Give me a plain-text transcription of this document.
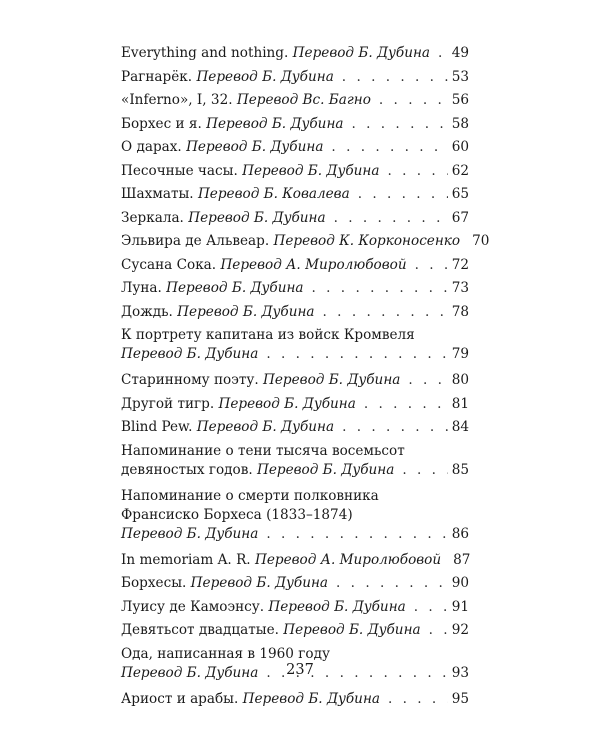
Everything and nothing. Перевод Б. Дубина . . . 49
Рагнарёк. Перевод Б. Дубина . . .	53
«Inferno», I, 32. Перевод Вс. Багно . . .	56
Борхес и я. Перевод Б. Дубина . . .	58
О дарах. Перевод Б. Дубина . . .	60
Песочные часы. Перевод Б. Дубина . . .	62
Шахматы. Перевод Б. Ковалева . . .	65
Зеркала. Перевод Б. Дубина . . .	67
Эльвира де Альвеар. Перевод К. Корконосенко 70
Сусана Сока. Перевод А. Миролюбовой . . .	72
Луна. Перевод Б. Дубина . . .	73
Дождь. Перевод Б. Дубина . . .	78
К портрету капитана из войск Кромвеля
Перевод Б. Дубина . . .	79
Старинному поэту. Перевод Б. Дубина . . .	80
Другой тигр. Перевод Б. Дубина . . .	81
Blind Pew. Перевод Б. Дубина . . .	84
Напоминание о тени тысяча восемьсот
девяностых годов. Перевод Б. Дубина . . .	85
Напоминание о смерти полковника
Франсиско Борхеса (1833–1874)
Перевод Б. Дубина . . .	86
In memoriam A. R. Перевод А. Миролюбовой 87
Борхесы. Перевод Б. Дубина . . .	90
Луису де Камоэнсу. Перевод Б. Дубина . . .	91
Девятьсот двадцатые. Перевод Б. Дубина . . . 92
Ода, написанная в 1960 году
Перевод Б. Дубина . . .	93
Ариост и арабы. Перевод Б. Дубина . . .	95
237
